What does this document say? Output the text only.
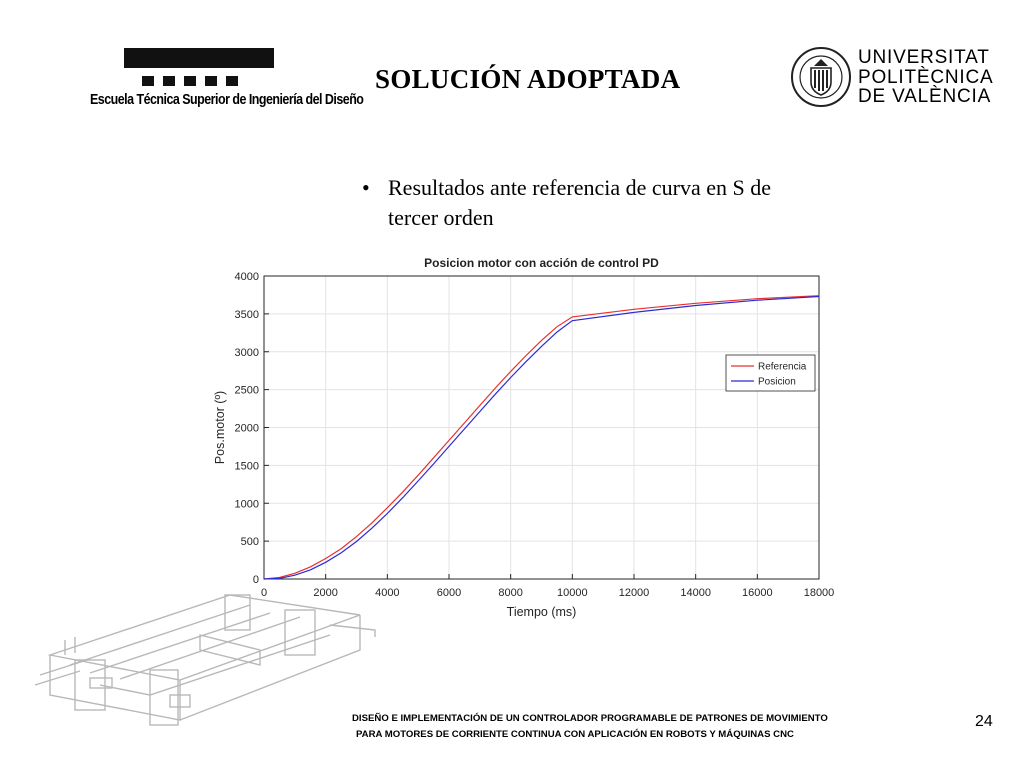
Escuela Técnica Superior de Ingeniería del Diseño
SOLUCIÓN ADOPTADA
UNIVERSITAT
POLITÈCNICA
DE VALÈNCIA
• Resultados ante referencia de curva en S de tercer orden
0	2000	4000	6000	8000	10000	12000	14000	16000	18000
0
500
1000
1500
2000
2500
3000
3500
4000
Posicion motor con acción de control PD
Tiempo (ms)
Pos.motor (º)
Referencia
Posicion
DISEÑO E IMPLEMENTACIÓN DE UN CONTROLADOR PROGRAMABLE DE PATRONES DE MOVIMIENTO
PARA MOTORES DE CORRIENTE CONTINUA CON APLICACIÓN EN ROBOTS Y MÁQUINAS CNC
24
